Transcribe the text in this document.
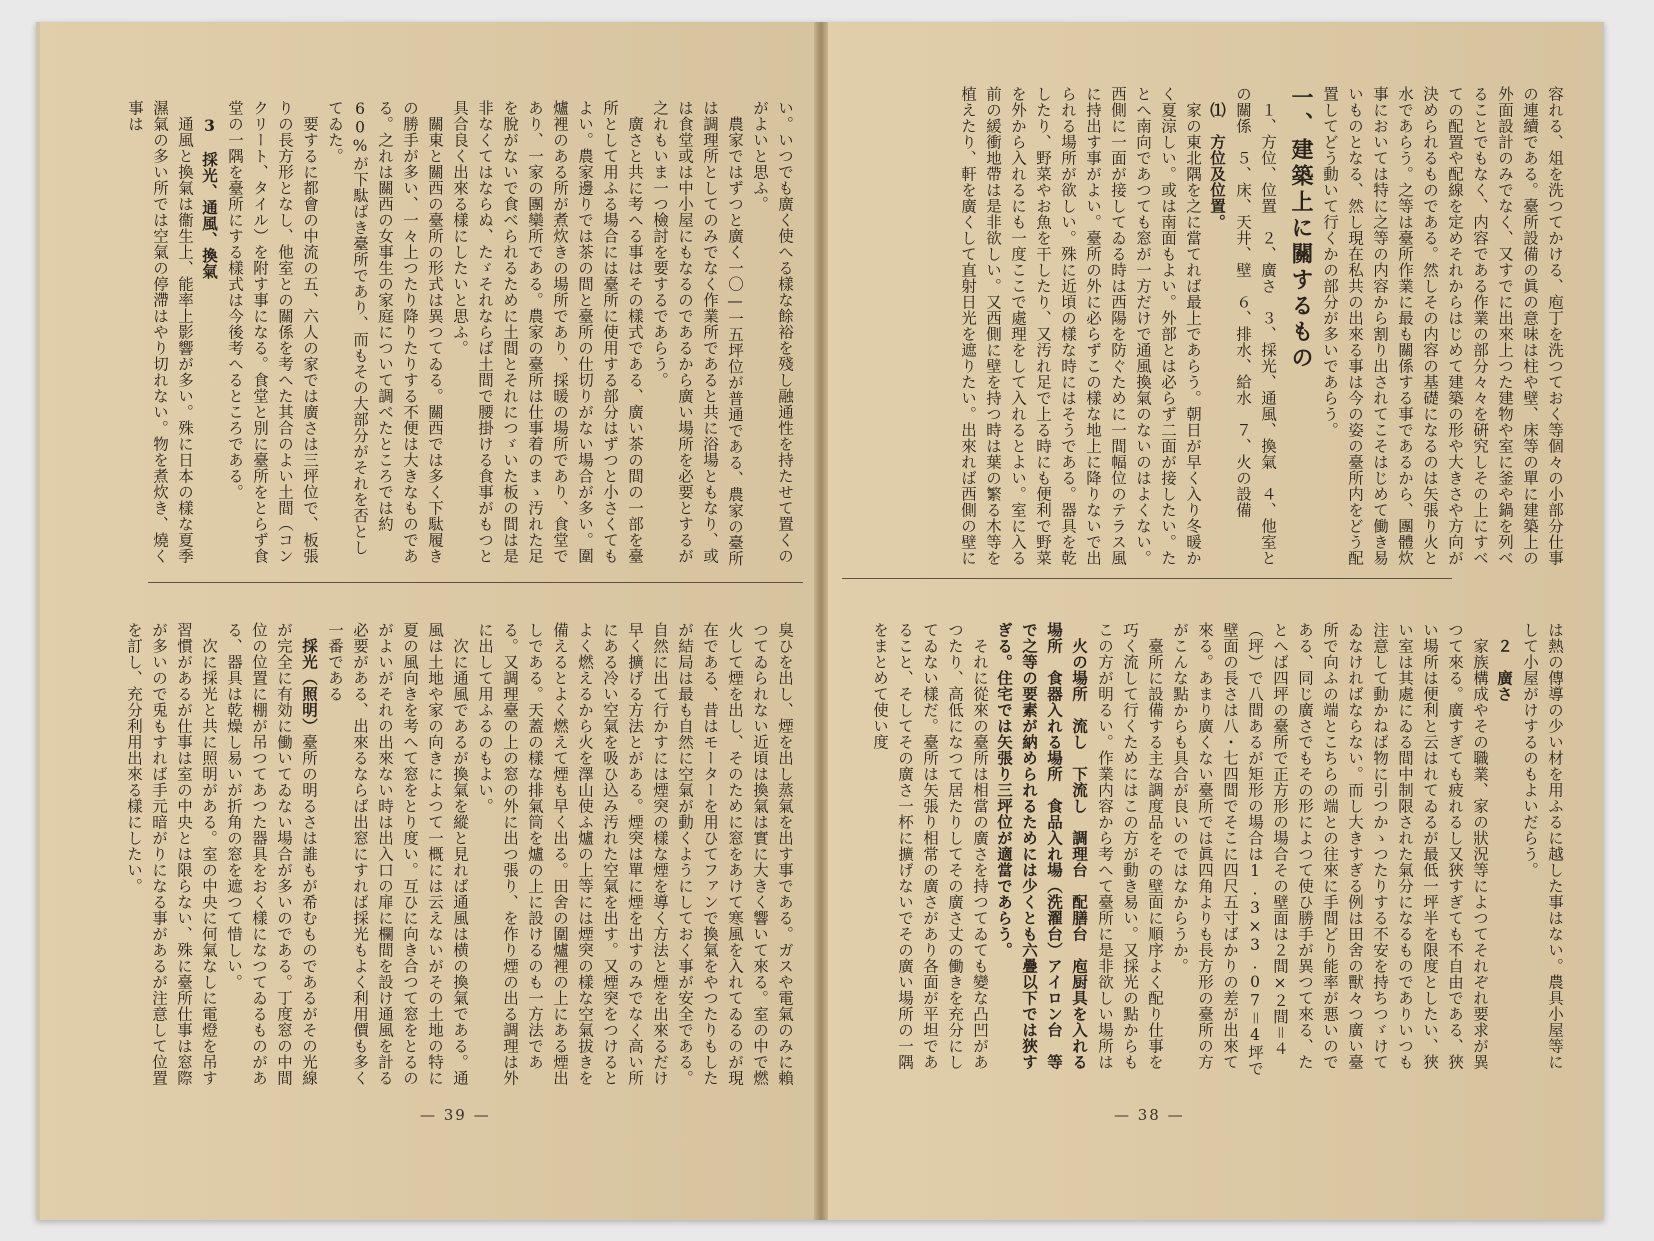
い。いつでも廣く使へる樣な餘裕を殘し融通性を持たせて置くのがよいと思ふ。

農家ではずつと廣く一〇—一五坪位が普通である、農家の臺所は調理所としてのみでなく作業所であると共に浴場ともなり、或は食堂或は中小屋にもなるのであるから廣い場所を必要とするが之れもいま一つ檢討を要するであらう。

廣さと共に考へる事はその樣式である、廣い茶の間の一部を臺所として用ふる場合には臺所に使用する部分はずつと小さくてもよい。農家邊りでは茶の間と臺所の仕切りがない場合が多い。圍爐裡のある所が煮炊きの場所であり、採暖の場所であり、食堂であり、一家の團欒所である。農家の臺所は仕事着のまゝ汚れた足を脫がないで食べられるために土間とそれにつゞいた板の間は是非なくてはならぬ、たゞそれならば土間で腰掛ける食事がもつと具合良く出來る樣にしたいと思ふ。

關東と關西の臺所の形式は異つてゐる。關西では多く下駄履きの勝手が多い、一々上つたり降りたりする不便は大きなものである。之れは關西の女事生の家庭について調べたところでは約60%が下駄ばき臺所であり、而もその大部分がそれを否としてゐた。

要するに都會の中流の五、六人の家では廣さは三坪位で、板張りの長方形となし、他室との關係を考へた其合のよい土間（コンクリート、タイル）を附す事になる。食堂と別に臺所をとらず食堂の一隅を臺所にする樣式は今後考へるところである。

3　採光、通風、換氣

通風と換氣は衞生上、能率上影響が多い。殊に日本の樣な夏季濕氣の多い所では空氣の停滯はやり切れない。物を煮炊き、燒く事は

臭ひを出し、煙を出し蒸氣を出す事である。ガスや電氣のみに賴つてゐられない近頃は換氣は實に大きく響いて來る。室の中で燃火して煙を出し、そのために窓をあけて寒風を入れてゐるのが現在である、昔はモーターを用ひてファンで換氣をやつたりもしたが結局は最も自然に空氣が動くようにしておく事が安全である。自然に出て行かすには煙突の樣な煙を導く方法と煙を出來るだけ早く擴げる方法とがある。煙突は單に煙を出すのみでなく高い所にある冷い空氣を吸ひ込み汚れた空氣を出す。又煙突をつけるとよく燃えるから火を澤山使ふ爐の上等には煙突の樣な空氣拔きを備えるとよく燃えて煙も早く出る。田舍の圍爐裡の上にある煙出しである。天蓋の樣な排氣筒を爐の上に設けるのも一方法である。又調理臺の上の窓の外に出つ張り、を作り煙の出る調理は外に出して用ふるのもよい。

次に通風であるが換氣を縱と見れば通風は横の換氣である。通風は土地や家の向きによつて一概には云えないがその土地の特に夏の風向きを考へて窓をとり度い。互ひに向き合つて窓をとるのがよいがそれの出來ない時は出入口の扉に欄間を設け通風を計る必要がある、出來るならば出窓にすれば採光もよく利用價も多く一番である

採光（照明）臺所の明るさは誰もが希むものであるがその光線が完全に有効に働いてゐない場合が多いのである。丁度窓の中間位の位置に棚が吊つてあつた器具をおく樣になつてゐるものがある、器具は乾燥し易いが折角の窓を遮つて惜しい。

次に採光と共に照明がある。室の中央に何氣なしに電燈を吊す習慣があるが仕事は室の中央とは限らない、殊に臺所仕事は窓際が多いので兎もすれば手元暗がりになる事があるが注意して位置を訂し、充分利用出來る樣にしたい。

— 39 —

容れる、俎を洗つてかける、庖丁を洗つておく等個々の小部分仕事の連續である。臺所設備の眞の意味は柱や壁、床等の單に建築上の外面設計のみでなく、又すでに出來上つた建物や室に釜や鍋を列べることでもなく、内容である作業の部分々々を硏究しその上にすべての配置や配線を定めそれからはじめて建築の形や大きさや方向が決められるものである。然しその内容の基礎になるのは矢張り火と水であらう。之等は臺所作業に最も關係する事であるから、團體炊事においては特に之等の内容から割り出されてこそはじめて働き易いものとなる、然し現在私共の出來る事は今の姿の臺所内をどう配置してどう動いて行くかの部分が多いであらう。

一、建築上に關するもの

１、方位、位置　２、廣さ　３、採光、通風、換氣　４、他室との關係　５、床、天井、壁　６、排水、給水　７、火の設備

⑴　方位及位置。

家の東北隅を之に當てれば最上であらう。朝日が早く入り冬暖かく夏涼しい。或は南面もよい。外部とは必らず二面が接したい。たとへ南向であつても窓が一方だけで通風換氣のないのはよくない。西側に一面が接してゐる時は西陽を防ぐために一間幅位のテラス風に持出す事がよい。臺所の外に必らずこの樣な地上に降りないで出られる場所が欲しい。殊に近頃の樣な時にはそうである。器具を乾したり、野菜やお魚を干したり、又汚れ足で上る時にも便利で野菜を外から入れるにも一度ここで處理をして入れるとよい。室に入る前の緩衝地帶は是非欲しい。又西側に壁を持つ時は葉の繁る木等を植えたり、軒を廣くして直射日光を遮りたい。出來れば西側の壁に

は熱の傳導の少い材を用ふるに越した事はない。農具小屋等にして小屋がけするのもよいだらう。

２　廣さ

家族構成やその職業、家の狀況等によつてそれぞれ要求が異つて來る。廣すぎても疲れるし又狹すぎても不自由である、狹い場所は便利と云はれてゐるが最低一坪半を限度としたい、狹い室は其處にゐる間中制限された氣分になるものでありいつも注意して動かねば物に引つかゝつたりする不安を持ちつゞけてゐなければならない。而し大きすぎる例は田舍の獸々つ廣い臺所で向ふの端とこちらの端との往來に手間どり能率が悪いのである、同じ廣さでもその形によつて使ひ勝手が異つて來る、たとへば四坪の臺所で正方形の場合その壁面は２間×２間＝４（坪）で八間あるが矩形の場合は1.3×3.07＝4坪で壁面の長さは八・七四間でそこに四尺五寸ばかりの差が出來て來る。あまり廣くない臺所では眞四角よりも長方形の臺所の方がこんな點からも具合が良いのではなからうか。

臺所に設備する主な調度品をその壁面に順序よく配り仕事を巧く流して行くためにはこの方が動き易い。又採光の點からもこの方が明るい。作業内容から考へて臺所に是非欲しい場所は

火の場所　流し　下流し　調理台　配膳台　庖厨具を入れる場所　食器入れる場所　食品入れ場（洗濯台）アイロン台　等で之等の要素が納められるためには少くとも六疊以下では狹すぎる。住宅では矢張り三坪位が適當であらう。

それに從來の臺所は相當の廣さを持つてゐても變な凸凹があつたり、高低になつて居たりしてその廣さ丈の働きを充分にしてゐない樣だ。臺所は矢張り相常の廣さがあり各面が平坦であること、そしてその廣さ一杯に擴げないでその廣い場所の一隅をまとめて使い度

— 38 —
